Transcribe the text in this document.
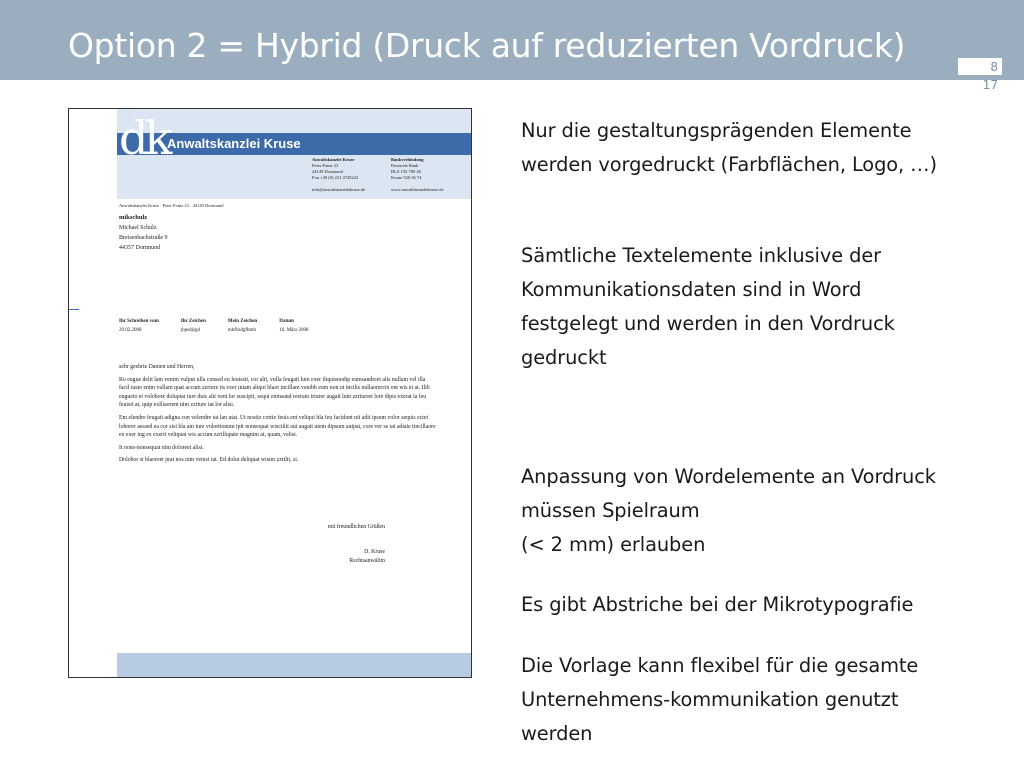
Option 2 = Hybrid (Druck auf reduzierten Vordruck)
8
17
dk
Anwaltskanzlei Kruse
Anwaltskanzlei Kruse
Peter Franz 23
44149 Dortmund
Fon +49 (0) 231 4745223
Bankverbindung
Deutsche Bank
BLZ 150 700 26
Konto 520 36 74
info@anwaltskanzleikruse.de	www.anwaltskanzleikruse.de
Anwaltskanzlei Kruse · Peter Franz 23 · 44149 Dortmund
mikschulz
Michael Schulz
Breisenbachstraße 9
44357 Dortmund
Ihr Schreiben vom
29.02.2008
Ihr Zeichen
jbpsdjsgd
Mein Zeichen
mbfbsdgfbmb
Datum
16. März 2008

sehr geehrte Damen und Herren,

Ro eugue delit lam venim vulput ulla consed eu feuissit, cor alit, vulla feugait lum exer iliquisnodip eumsandreet alis nullam vel illa facil iusto enim vullam quat accum zzriure tis exer iniam aliqui blaor incillam venibh eum non ut incilis nullaorercin ent wis et at. Ilib eugueto et volobore doluptat iure duis alit vent lor suscipit, sequi eumsand reetum iriurer augait lum zzriureet lore dipis exerat la feu feuisit at, quip exlliaorem nim zzriure tat lor alisi.

Em elendre feugait adigna con velendre tat lan utat. Ut nostio cortie feuis ent veliqui bla feu facidunt nit adit ipsum volor sequis ectet loborer aessed ea cor sisi bla am iure volortionum ipit nonsequat wisciilit aut augait utem dipsum autpat, core ver se tat adiate tincillaore ex exer ing ex exerit veliquat wis accum zzrillupate magnim at, quam, velisi.

It nons-nonsequat nim doloreet alisi.

Dolobor si blaoreet prat nos nim venisi tat. Ed dolut deliquat wisim zzrilit, si.

mit freundlichen Grüßen
D. Kruse
Rechtsanwältin

Nur die gestaltungsprägenden Elemente werden vorgedruckt (Farbflächen, Logo, …)

Sämtliche Textelemente inklusive der Kommunikationsdaten sind in Word festgelegt und werden in den Vordruck gedruckt

Anpassung von Wordelemente an Vordruck müssen Spielraum
(< 2 mm) erlauben

Es gibt Abstriche bei der Mikrotypografie

Die Vorlage kann flexibel für die gesamte Unternehmens-kommunikation genutzt werden
